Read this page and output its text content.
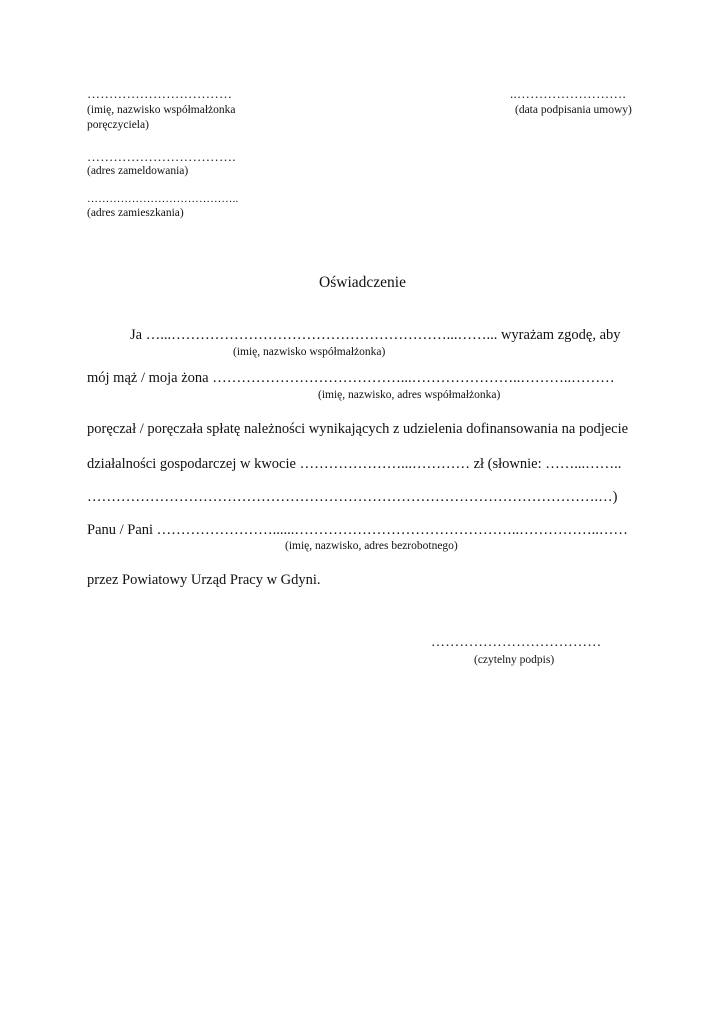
……………………………
(imię, nazwisko współmałżonka
poręczyciela)
..…………………….
(data podpisania umowy)
…………………………….
(adres zameldowania)
…………………………………..
(adres zamieszkania)
Oświadczenie
Ja …...…………………………………………………...……... wyrażam zgodę, aby
(imię, nazwisko współmałżonka)
mój mąż / moja żona …………………………………...…………………..………..………
(imię, nazwisko, adres współmałżonka)
poręczał / poręczała spłatę należności wynikających z udzielenia dofinansowania na podjecie
działalności gospodarczej w kwocie …………………...………… zł (słownie: ……...……..
…………………………………………………………………………………………….…)
Panu / Pani ……………………......………………………………………..……………..……
(imię, nazwisko, adres bezrobotnego)
przez Powiatowy Urząd Pracy w Gdyni.
………………………………
(czytelny podpis)
